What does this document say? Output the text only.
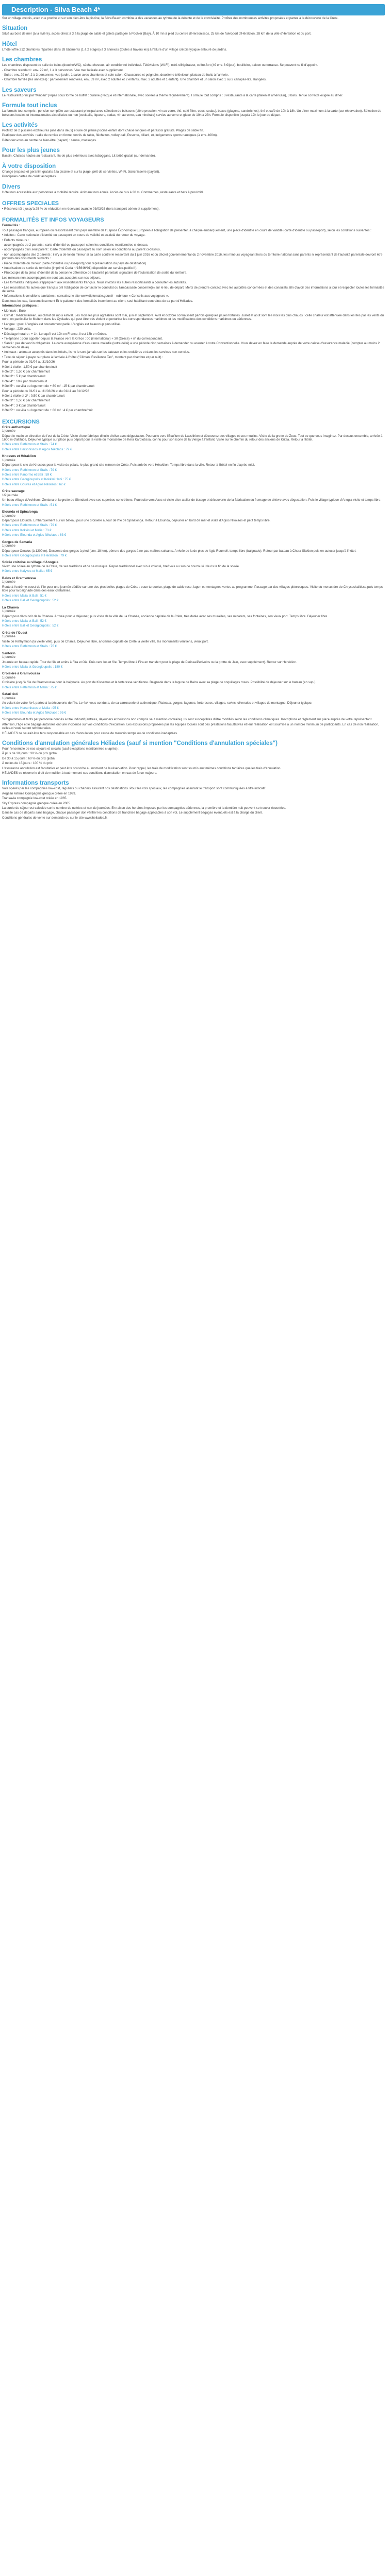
Description - Silva Beach 4*

Sur un village crétois, avec vue proche et sur son bien-être la piscine, la Silva Beach combine à des vacances au rythme de la détente et de la convivialité. Profitez des nombreuses activités proposées et partez à la découverte de la Crète.

Situation

Situé au bord de mer (à la rivière), accès direct à 3 à la plage de sable et galets partagée à Pochler (Bay). À 10 mn à pied du centre d'Hersonissos, 25 km de l'aéroport d'Héraklion, 28 km de la ville d'Héraklion et du port.

Hôtel

L'hôtel offre 212 chambres réparties dans 28 bâtiments (1 à 2 étages) à 3 annexes (toutes à travers les) à l'allure d'un village crétois typique entouré de jardins.

Les chambres

Les chambres disposent de salle de bains (douche/WC), sèche-cheveux, air conditionné individuel. Télévisions (Wi-Fi), mini-réfrigérateur, coffre-fort (4€ env. 3 €/jour), bouilloire, balcon ou terrasse. Se peuvent ne fil d'appoint.

- Chambre standard : env. 22 m², 1 à 3 personnes. Vue mer latérale avec supplément.

- Suite : env. 29 m², 2 à 3 personnes, vue jardin, 1 salon avec chambres et coin salon, Chaussures et peignoirs, deuxième téléviseur, plateau de fruits à l'arrivée.

- Chambre famille (les annexes) : partiellement rénovées, env. 39 m², avec 2 adultes et 2 enfants, max. 3 adultes et 1 enfant). Une chambre et un salon avec 1 ou 2 canapés-lits. Rangées.

Les saveurs

Le restaurant principal "Minoan" (repas sous forme de buffet : cuisine grecque et internationale, avec soirées à thème régulièrement). Formule tout compris : 3 restaurants à la carte (italien et américain), 3 bars. Tenue correcte exigée au dîner.

Formule tout inclus

La formule tout compris : pension complète au restaurant principal avec sélection de boissons (bière pression, vin au verre, thé, café filtre, eaux, sodas), boxes (glaçons, sandwiches), thé et café de 10h à 18h. Un dîner maximum à la carte (sur réservation). Sélection de boissons locales et internationales alcoolisées ou non (cocktails, liqueurs, sodas, vin au verre, eau minérale) servies au verre et glace de 10h à 23h. Formule disponible jusqu'à 12h le jour du départ.

Les activités

Profitez de 2 piscines extérieures (une dans deux) et une de pleine piscine enfant dont chaise longues et parasols gratuits. Plages de sable fin.

Pratiquez des activités : salle de remise en forme, tennis de table, fléchettes, volley-ball, Pesonte, billard, et, ludgaments sports nautiques (à env. 400m).

Détendez-vous au centre de bien-être (payant) : sauna, massages.

Pour les plus jeunes

Bassin. Chaises hautes au restaurant, lits de plus extérieurs avec toboggans. Lit bébé gratuit (sur demande).

À votre disposition

Change (espace et geranim gratuits à la piscine et sur la plage, prêt de serviettes, Wi-Fi, blanchisserie (payant).

Principales cartes de crédit acceptées.

Divers

Hôtel non accessible aux personnes à mobilité réduite. Animaux non admis. Accès de bus à 30 m. Commerces, restaurants et bars à proximité.

OFFRES SPECIALES

• Réservez tôt : jusqu'à 25 % de réduction en réservant avant le 03/03/26 (hors transport aérien et supplément).

FORMALITÉS ET INFOS VOYAGEURS

Formalités :

Tout passager français, européen ou ressortissant d'un pays membre de l'Espace Économique Européen à l'obligation de présenter, à chaque embarquement, une pièce d'identité en cours de validité (carte d'identité ou passeport), selon les conditions suivantes :

• Adultes : Carte nationale d'identité ou passeport en cours de validité et au-delà du retour du voyage.

• Enfants mineurs :

- accompagnés de 2 parents : carte d'identité ou passeport selon les conditions mentionnées ci-dessus,

- accompagnés d'un seul parent : Carte d'identité ou passeport au nom selon les conditions au parent ci-dessus,

- non accompagnés des 2 parents : il n'y a de loi du mineur si sa carte contre le ressortant du 1 juin 2016 et du décret gouvernemental du 2 novembre 2016, les mineurs voyageant hors du territoire national sans parents ni représentant de l'autorité parentale devront être porteurs des documents suivants :

• Pièce d'identité du mineur (carte d'identité ou passeport) pour représentation du pays de destination).

• Autorisation de sortie de territoire (imprimé Cerfa n°15646*01) disponible sur service-public.fr).

• Photocopie de la pièce d'identité de la personne détentrice de l'autorité parentale signataire de l'autorisation de sortie du territoire.

Les mineurs non accompagnés ne sont pas acceptés sur nos séjours.

• Les formalités indiquées s'appliquent aux ressortissants français. Nous invitons les autres ressortissants à consulter les autorités.

• Les ressortissants autres que français ont l'obligation de contacter le consulat ou l'ambassade concerné(e) sur le lieu de départ. Merci de prendre contact avec les autorités concernées et des consulats afin d'avoir des informations à jour et respecter toutes les formalités de sortie.

• Informations & conditions sanitaires : consultez le site www.diplomatie.gouv.fr - rubrique « Conseils aux voyageurs ».

Dans tous les cas, l'accomplissement Et le paiement des formalités incombent au client, seul habilitant contraints de sa part d'Héliades.

Informations pratiques :

• Monnaie : Euro

• Climat : méditerranéen, au climat de mois estival. Les mois les plus agréables sont mai, juin et septembre. Avril et octobre connaissent parfois quelques pluies fortuites. Juillet et août sont les mois les plus chauds : celle chaleur est atténuée dans les îles par les vents du nord, en particulier le Meltem dans les Cyclades qui peut être très violent et perturber les correspondances maritimes et les modifications des conditions maritimes ou aériennes.

• Langue : grec. L'anglais est couramment parlé. L'anglais est beaucoup plus utilisé.

• Voltage : 220 volts.

• Décalage horaire : + 1h. Lorsqu'il est 12h en France, il est 13h en Grèce.

• Téléphone : pour appeler depuis la France vers la Grèce : 00 (international) + 30 (Grèce) + n° du correspondant.

• Santé : pas de vaccin obligatoire. La carte européenne d'assurance maladie (votre délai) a une période cinq semaines à demander ou assurer à votre Conventionnelle. Vous devez en faire la demande auprès de votre caisse d'assurance maladie (compter au moins 2 semaines de délai).

• Animaux : animaux acceptés dans les hôtels, ils ne le sont jamais sur les bateaux et les croisières et dans les services non conclus.

• Taxe de séjour à payer sur place à l'arrivée à l'hôtel ("Climate Resilience Tax", montant par chambre et par nuit) :

Pour la période du 01/04 au 31/10/26

Hôtel 1 étoile : 1,50 € par chambre/nuit

Hôtel 2* : 1,50 € par chambre/nuit

Hôtel 3* : 5 € par chambre/nuit

Hôtel 4* : 10 € par chambre/nuit

Hôtel 5* : ou villa ou logement de + 80 m² : 15 € par chambre/nuit

Pour la période du 01/01 au 31/03/26 et du 01/11 au 31/12/26

Hôtel 1 étoile et 2* : 0,50 € par chambre/nuit

Hôtel 3* : 1,50 € par chambre/nuit

Hôtel 4* : 3 € par chambre/nuit

Hôtel 5* : ou villa ou logement de + 80 m² : 4 € par chambre/nuit

EXCURSIONS
Crète authentique

1 journée

Départ le matin en direction de l'est de la Crète. Visite d'une fabrique d'huile d'olive avec dégustation. Poursuite vers l'Ecufium de Lassithion et découvrez des villages et ses moulins. Visite de la grotte de Zeus. Tout ce que vous imaginez. Par dessus ensemble, arrivée à 1600 m d'altitude, Déjeuner typique sur place puis départ pour la visite du monastère de Kera Kardiotissa, connu pour son icone de la Vierge à l'enfant. Visite sur le chemin du retour des anciens de Kritsa. Retour à l'hôtel.

Hôtels entre Rethimnon et Stalis : 74 €

Hôtels entre Hersonissos et Agios Nikolaos : 79 €

Knossos et Héraklion

1 journée

Départ pour le site de Knossos pour la visite du palais, le plus grand site minoen de Crète. Puis arrivée vers Héraklion. Temps libre dans la ville. Retour à l'hôtel en fin d'après-midi.

Hôtels entre Rethimnon et Stalis : 79 €

Hôtels entre Panormo et Bali : 59 €

Hôtels entre Georgioupolis et Kokkini Hani : 75 €

Hôtels entre Gouves et Agios Nikolaos : 62 €

Crète sauvage

1/2 journée

Un beau village d'Archilons. Zoniana et la grotte de Sfendoni avec ses superbes concrétions. Poursuite vers Axos et visite d'un atelier de tissage et découverte de la fabrication du fromage de chèvre avec dégustation. Puis le village typique d'Anogia visite et temps libre.

Hôtels entre Rethimnon et Stalis : 51 €

Elounda et Spinalonga

1 journée

Départ pour Elounda. Embarquement sur un bateau pour une croisière autour de l'île de Spinalonga. Retour à Elounda, déjeuner en bord de mer et visite d'Agios Nikolaos et petit temps libre.

Hôtels entre Rethimnon et Stalis : 79 €

Hôtels entre Kokkini et Malia : 73 €

Hôtels entre Elounda et Agios Nikolaos : 63 €

Gorges de Samaria

1 journée

Départ pour Omalos (à 1200 m). Descente des gorges à pied (env. 18 km), pérrure des gorges à ne pas maîtres suivants. Arrivée de la de plus de Agia Roumeli, temps libre (baignade). Retour par bateau à Chora Sfakion puis en autocar jusqu'à l'hôtel.

Hôtels entre Georgioupolis et Heraklion : 79 €

Soirée crétoise au village d'Anogeia

Vivez une soirée au rythme de la Crète, de ses traditions et de sa musique. Repas traditionnel avec vin à volonté, bref vois au son de bouzouki. Ne ris la fin de la soirée.

Hôtels entre Kalyves et Malia : 65 €

Balos et Gramvoussa

1 journée

Route à l'extrême-ouest de l'île pour une journée dédiée sur une des plus belles plages de Crète : eaux turquoise, plage de sable rose, lagon et montagnes vertes au programme. Passage par des villages pittoresques. Visite du monastère de Chrysoskalitissa puis temps libre pour la baignade dans des eaux cristallines.

Hôtels entre Malia et Bali : 51 €

Hôtels entre Bali et Georgioupolis : 52 €

La Chanea

1 journée

Départ pour découvrir de la Chanea. Arrivée pour le déjeuner, puis visite de la ville de La Chanée, ancienne capitale de la Crète, très datée avec ses murailles, ses minarets, ses fontaines, son vieux port. Temps libre. Déjeuner libre.

Hôtels entre Malia et Bali : 52 €

Hôtels entre Bali et Georgioupolis : 52 €

Crète de l'Ouest

1 journée

Visite de Rethymnon (la vieille ville), puis de Chania. Déjeuner libre, ancienne capitale de Crète la vieille ville, les monuments vénitiens, vieux port.

Hôtels entre Rethimnon et Stalis : 75 €

Santorin

1 journée

Journée en bateau rapide. Tour de l'île et arrêts à Fira et Oia. Puis vers Ios et l'île. Temps libre à Fira en transfert pour la plage de Perissa/Perivolos ou la grotte de Jain, avec supplément). Retour sur Héraklion.

Hôtels entre Malia et Georgioupolis : 180 €

Croisière à Gramvoussa

1 journée

Croisière jusqu'à l'île de Gramvoussa pour la baignade. Au port de Kissamos et la forteresse vénitienne. Baignade dans la lagune de Balos avec sa plage de coquillages roses. Possibilité de déjeuner sur le bateau (en sup.).

Hôtels entre Rethimnon et Malia : 75 €

Safari 4x4

1 journée

Au volant de votre 4x4, partez à la découverte de l'île. Le 4x4 vous conduira, de sa carrosserie et authentique. Plateaux, gorges, lagunes, forteresses, villages, ravins, oliveraies et villages de montagne. Déjeuner typique.

Hôtels entre Hersonissos et Malia : 95 €

Hôtels entre Elounda et Agios Nikolaos : 95 €

*Programmes et tarifs par personne donnés à titre indicatif (entrées, déjeuners et boissons non compris sauf mention contraire). Ils sont susceptibles d'être modifiés selon les conditions climatiques. Inscriptions et règlement sur place auprès de votre représentant.

Attention, l'âge et le bagage autorisés ont une incidence sur vos conditions d'excursion. Les excursions proposées par les équipes locales sont des prestations facultatives et leur réalisation est soumise à un nombre minimum de participants. En cas de non réalisation, celles-ci vous seront remboursées.

HÉLIADES ne saurait être tenu responsable en cas d'annulation pour cause de mauvais temps ou de conditions inadaptées.

Conditions d'annulation générales Héliades (sauf si mention "Conditions d'annulation spéciales")

Pour l'ensemble de nos séjours et circuits (sauf exceptions mentionnées ci-après) :

À plus de 30 jours : 30 % du prix global

De 30 à 15 jours : 60 % du prix global

À moins de 15 jours : 100 % du prix

L'assurance annulation est facultative et peut être souscrite au moment de la réservation. Pour rappel, les frais de modification sont soumis aux mêmes conditions tarifaires que les frais d'annulation.

HÉLIADES se réserve le droit de modifier à tout moment ses conditions d'annulation en cas de force majeure.

Informations transports

Vols opérés par les compagnies low-cost, réguliers ou charters assurant nos destinations. Pour les vols spéciaux, les compagnies assurant le transport sont communiquées à titre indicatif.

Aegean Airlines Compagnie grecque créée en 1999.

Transavia compagnie low-cost créée en 1965.

Sky Express compagnie grecque créée en 2005.

La durée du séjour est calculée sur le nombre de nuitées et non de journées. En raison des horaires imposés par les compagnies aériennes, la première et la dernière nuit peuvent se trouver écourtées.

Dans le cas de départs sans bagage, chaque passager doit vérifier les conditions de franchise bagage applicables à son vol. Le supplément bagages éventuels est à la charge du client.

Conditions générales de vente sur demande ou sur le site www.heliades.fr.
